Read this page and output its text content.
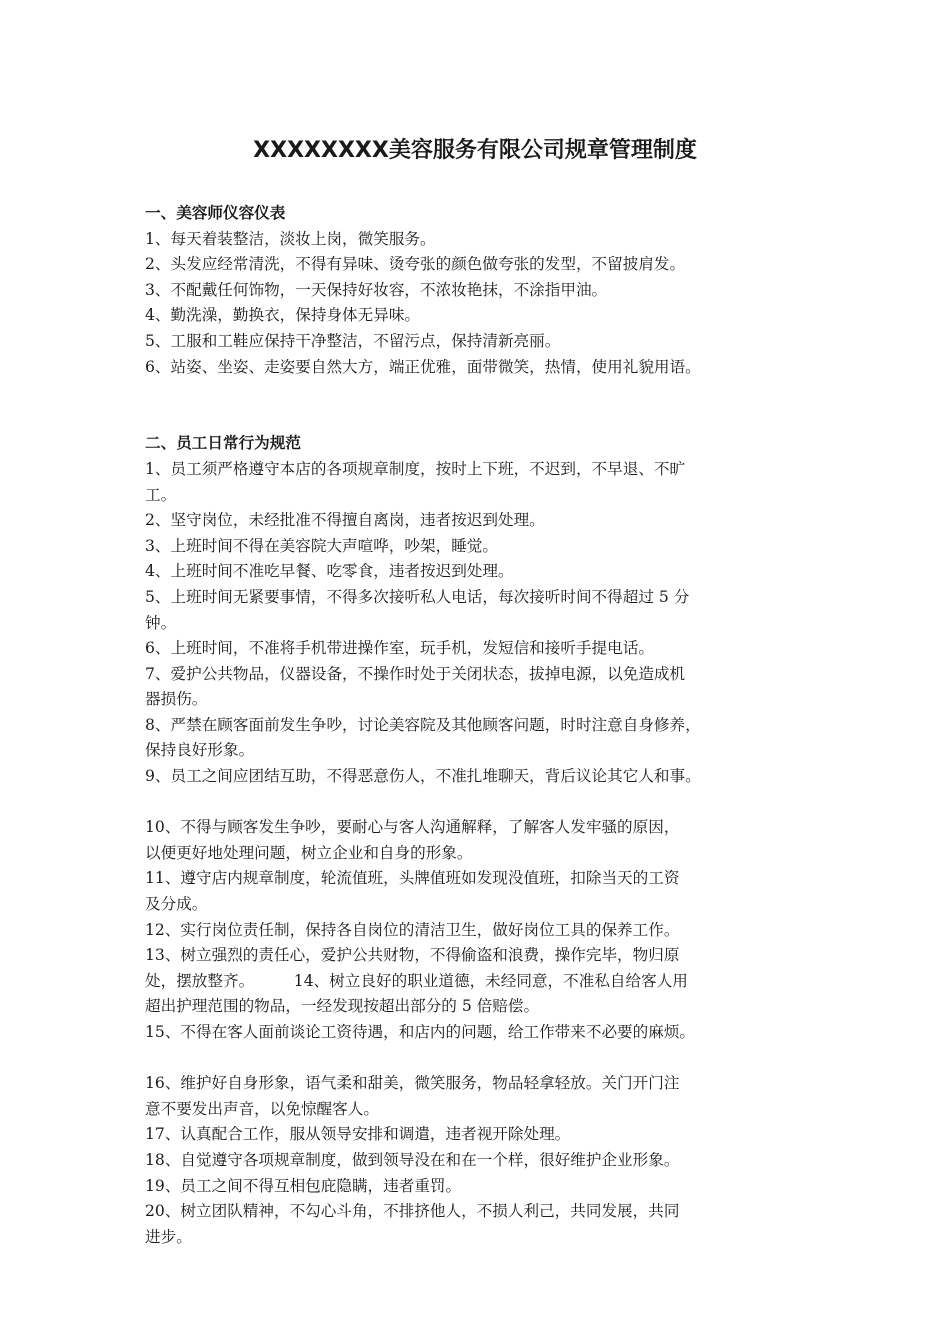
XXXXXXXX美容服务有限公司规章管理制度
一、美容师仪容仪表
1、每天着装整洁，淡妆上岗，微笑服务。
2、头发应经常清洗，不得有异味、烫夸张的颜色做夸张的发型，不留披肩发。
3、不配戴任何饰物，一天保持好妆容，不浓妆艳抹，不涂指甲油。
4、勤洗澡，勤换衣，保持身体无异味。
5、工服和工鞋应保持干净整洁，不留污点，保持清新亮丽。
6、站姿、坐姿、走姿要自然大方，端正优雅，面带微笑，热情，使用礼貌用语。
二、员工日常行为规范
1、员工须严格遵守本店的各项规章制度，按时上下班，不迟到，不早退、不旷
工。
2、坚守岗位，未经批准不得擅自离岗，违者按迟到处理。
3、上班时间不得在美容院大声喧哗，吵架，睡觉。
4、上班时间不准吃早餐、吃零食，违者按迟到处理。
5、上班时间无紧要事情，不得多次接听私人电话，每次接听时间不得超过 5 分
钟。
6、上班时间，不准将手机带进操作室，玩手机，发短信和接听手提电话。
7、爱护公共物品，仪器设备，不操作时处于关闭状态，拔掉电源，以免造成机
器损伤。
8、严禁在顾客面前发生争吵，讨论美容院及其他顾客问题，时时注意自身修养，
保持良好形象。
9、员工之间应团结互助，不得恶意伤人，不准扎堆聊天，背后议论其它人和事。
10、不得与顾客发生争吵，要耐心与客人沟通解释，了解客人发牢骚的原因，
以便更好地处理问题，树立企业和自身的形象。
11、遵守店内规章制度，轮流值班，头牌值班如发现没值班，扣除当天的工资
及分成。
12、实行岗位责任制，保持各自岗位的清洁卫生，做好岗位工具的保养工作。
13、树立强烈的责任心，爱护公共财物，不得偷盗和浪费，操作完毕，物归原
处，摆放整齐。        14、树立良好的职业道德，未经同意，不准私自给客人用
超出护理范围的物品，一经发现按超出部分的 5 倍赔偿。
15、不得在客人面前谈论工资待遇，和店内的问题，给工作带来不必要的麻烦。
16、维护好自身形象，语气柔和甜美，微笑服务，物品轻拿轻放。关门开门注
意不要发出声音，以免惊醒客人。
17、认真配合工作，服从领导安排和调遣，违者视开除处理。
18、自觉遵守各项规章制度，做到领导没在和在一个样，很好维护企业形象。
19、员工之间不得互相包庇隐瞒，违者重罚。
20、树立团队精神，不勾心斗角，不排挤他人，不损人利己，共同发展，共同
进步。
